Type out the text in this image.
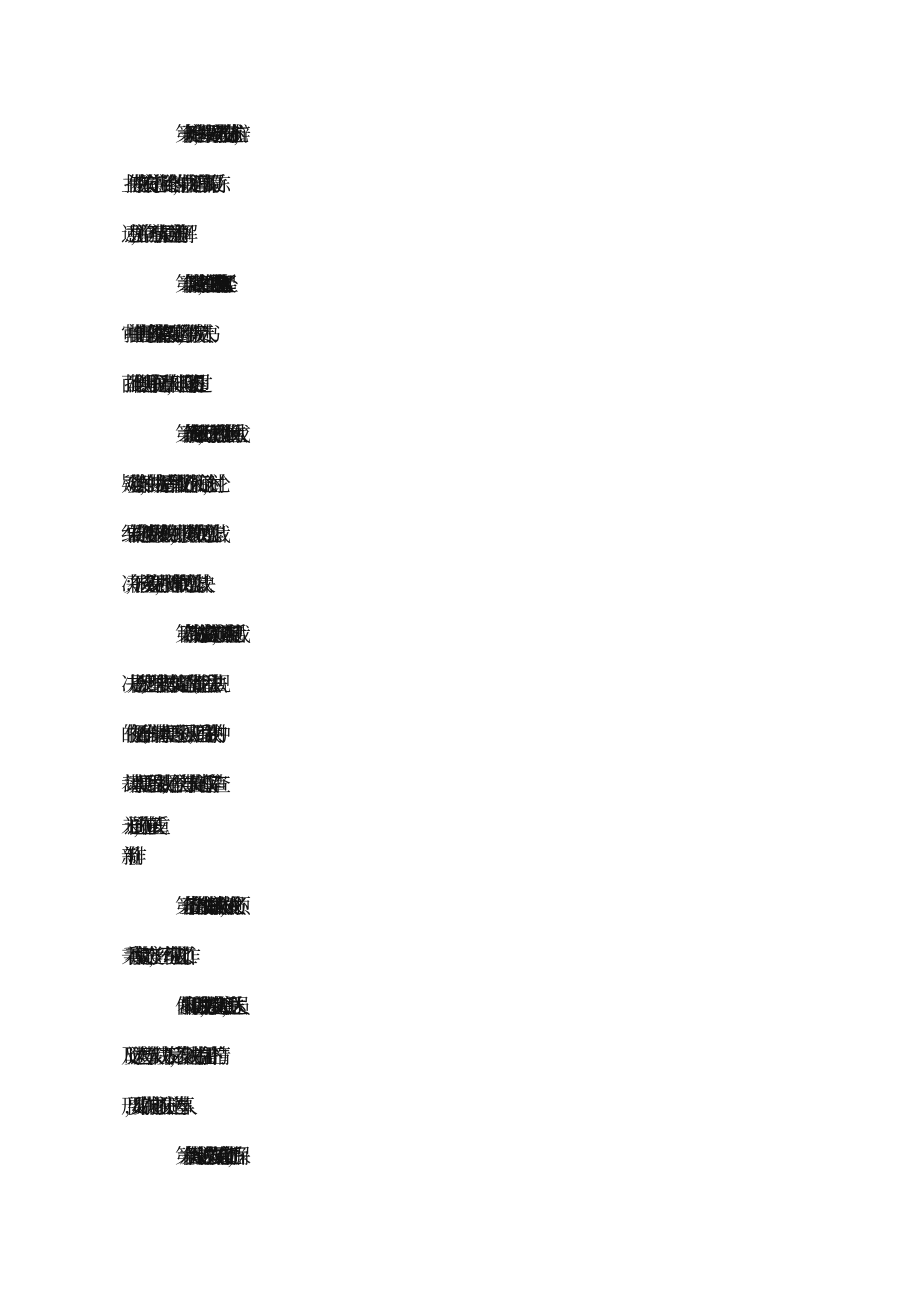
第十一条开庭庭审中，仲裁员引导双方当事人进行充分陈述、抗辩，
主持仲裁庭依次有序进行。辩论终结时，仲裁员要征询当事人的最后陈
述意见，并询问各方当事人是否同意进行调解。
第十二条仲裁庭裁决案件，在受理仲裁申请之日起45日内结束（经
审批中止审理的案件除外）。案情复杂需要延期的，经仲裁院负责人书
面批准可以延期并书面通知当事人，但延长期限不得超过15日。
第十三条为确保仲裁公正，对争议矛盾激烈、社会影响大的重大或
疑难复杂案件，由仲裁庭提请后召集仲裁员进行深入研究讨论，对讨论
结果的确定遵循少数服从多数的原则，即按照多数仲裁员的意见作出裁
决；不能形成多数意见时，按照首席仲裁员的意见作出裁决。
第十四条裁决书制作完成交由负责人审查，主要审查项目包括：裁
决书是否规范；处理结果依据的事实认定是否确凿清楚；适用法律法规
的依据是否准确；仲裁请求事项是否逐一得以回应；适用终局裁决的仲
裁请求事项是否适用终局裁决；是否依法向当事人告知起诉权等。审查
未通过的，进行修正或重
新制作。
第十五条审查合格的裁决书交由办案辅助人员校对，校对人员必须
秉着高度负责的态度，一丝不苟地完成此项工作。
仲裁员打印校对后的裁决书，经仲裁院负责人签章后，由送达人员
及时送达双方当事人。裁决书下发后，若发现裁决书中存在需补正的情
形，要及时制作决定书予以补正并送达当事人。
第十六条负责仲裁文书送达工作的人员要具有高度的责任心，确保
